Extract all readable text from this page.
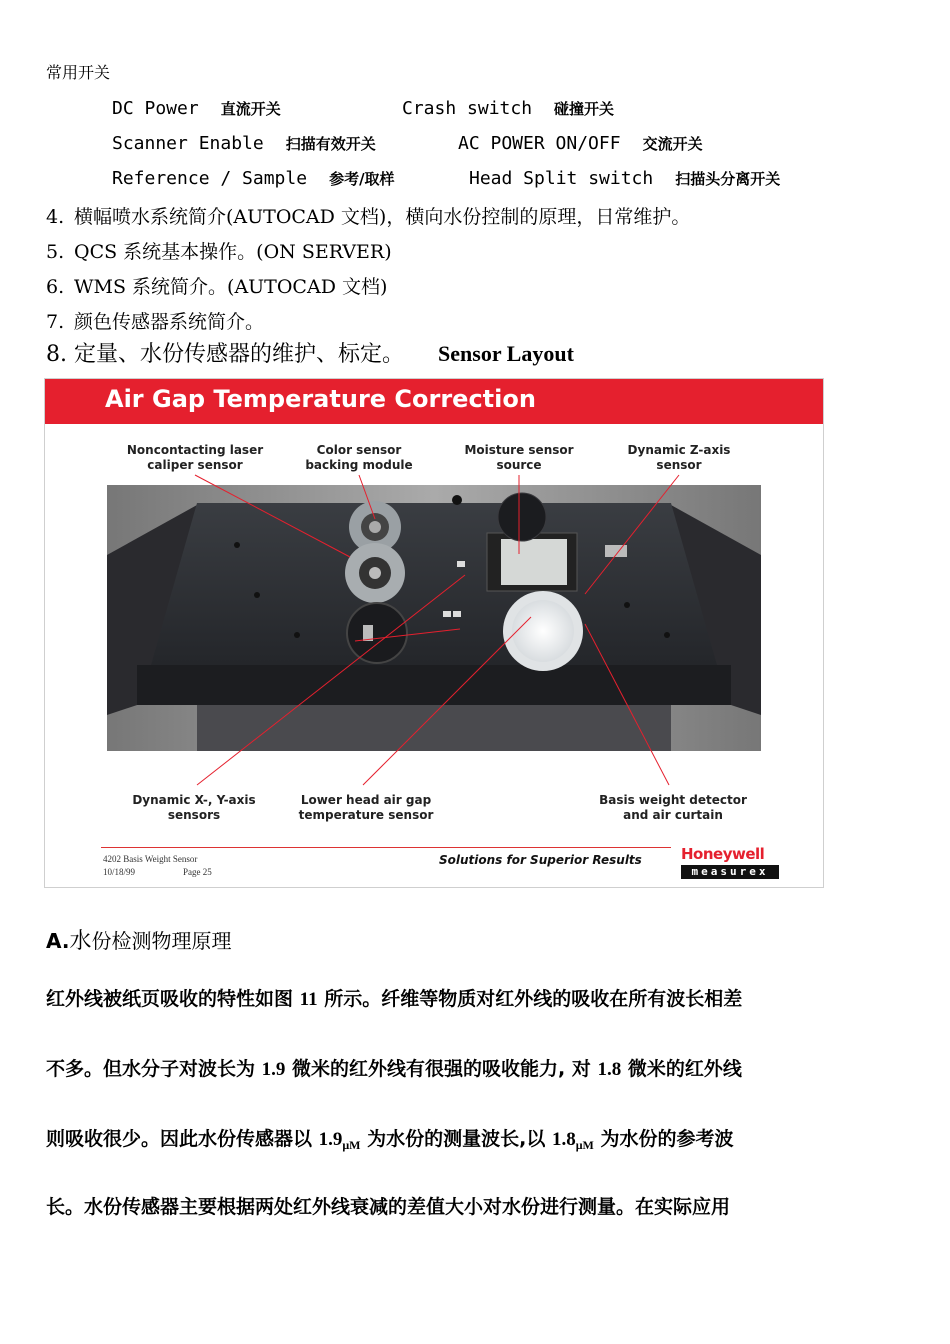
常用开关
DC Power 直流开关	Crash switch 碰撞开关
Scanner Enable 扫描有效开关	AC POWER ON/OFF 交流开关
Reference / Sample 参考/取样	Head Split switch 扫描头分离开关
4. 横幅喷水系统简介(AUTOCAD 文档)，横向水份控制的原理，日常维护。
5. QCS 系统基本操作。(ON SERVER)
6. WMS 系统简介。(AUTOCAD 文档)
7. 颜色传感器系统简介。
8. 定量、水份传感器的维护、标定。 Sensor Layout
Air Gap Temperature Correction
Noncontacting laser
caliper sensor
Color sensor
backing module
Moisture sensor
source
Dynamic Z-axis
sensor
Dynamic X-, Y-axis
sensors
Lower head air gap
temperature sensor
Basis weight detector
and air curtain
4202 Basis Weight Sensor
10/18/99	Page 25
Solutions for Superior Results	Honeywell
measurex
A.水份检测物理原理
红外线被纸页吸收的特性如图 11 所示。纤维等物质对红外线的吸收在所有波长相差
不多。但水分子对波长为 1.9 微米的红外线有很强的吸收能力, 对 1.8 微米的红外线
则吸收很少。因此水份传感器以 $1.9_{\mu M}$ 为水份的测量波长,以 $1.8_{\mu M}$ 为水份的参考波
长。水份传感器主要根据两处红外线衰减的差值大小对水份进行测量。在实际应用
